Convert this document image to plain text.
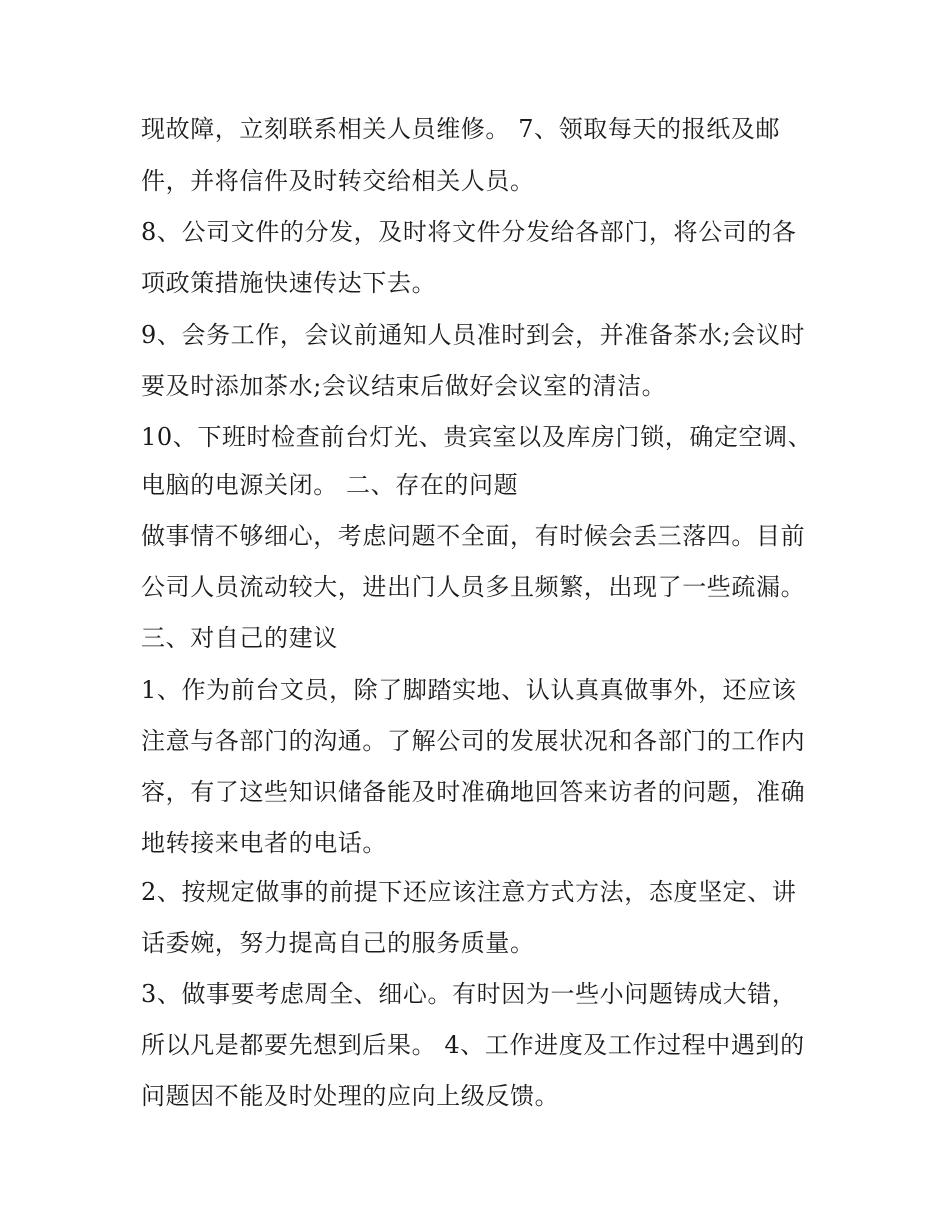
现故障，立刻联系相关人员维修。 7、领取每天的报纸及邮
件，并将信件及时转交给相关人员。
8、公司文件的分发，及时将文件分发给各部门，将公司的各
项政策措施快速传达下去。
9、会务工作，会议前通知人员准时到会，并准备茶水;会议时
要及时添加茶水;会议结束后做好会议室的清洁。
10、下班时检查前台灯光、贵宾室以及库房门锁，确定空调、
电脑的电源关闭。 二、存在的问题
做事情不够细心，考虑问题不全面，有时候会丢三落四。目前
公司人员流动较大，进出门人员多且频繁，出现了一些疏漏。
三、对自己的建议
1、作为前台文员，除了脚踏实地、认认真真做事外，还应该
注意与各部门的沟通。了解公司的发展状况和各部门的工作内
容，有了这些知识储备能及时准确地回答来访者的问题，准确
地转接来电者的电话。
2、按规定做事的前提下还应该注意方式方法，态度坚定、讲
话委婉，努力提高自己的服务质量。
3、做事要考虑周全、细心。有时因为一些小问题铸成大错，
所以凡是都要先想到后果。 4、工作进度及工作过程中遇到的
问题因不能及时处理的应向上级反馈。
